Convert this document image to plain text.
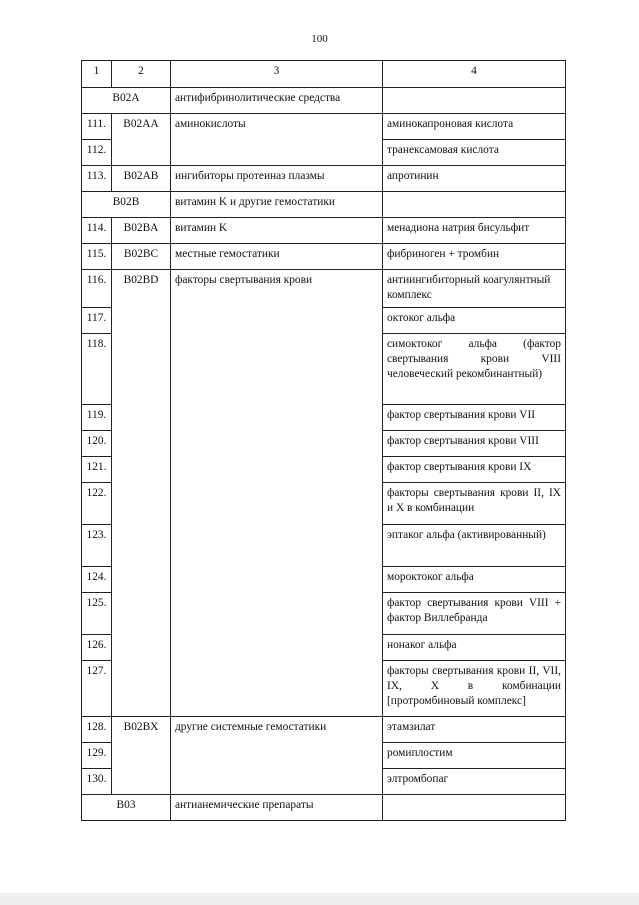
100
1	2	3	4
B02A		антифибринолитические средства	
111.	B02AA	аминокислоты	аминокапроновая кислота
112.			транексамовая кислота
113.	B02AB	ингибиторы протеиназ плазмы	апротинин
B02B		витамин K и другие гемостатики	
114.	B02BA	витамин K	менадиона натрия бисульфит
115.	B02BC	местные гемостатики	фибриноген + тромбин
116.	B02BD	факторы свертывания крови	антиингибиторный коагулянтный комплекс
117.			октоког альфа
118.			симоктоког альфа (фактор свертывания крови VIII человеческий рекомбинантный)
119.			фактор свертывания крови VII
120.			фактор свертывания крови VIII
121.			фактор свертывания крови IX
122.			факторы свертывания крови II, IX и X в комбинации
123.			эптаког альфа (активированный)
124.			мороктоког альфа
125.			фактор свертывания крови VIII + фактор Виллебранда
126.			нонаког альфа
127.			факторы свертывания крови II, VII, IX, X в комбинации [протромбиновый комплекс]
128.	B02BX	другие системные гемостатики	этамзилат
129.			ромиплостим
130.			элтромбопаг
B03		антианемические препараты	
